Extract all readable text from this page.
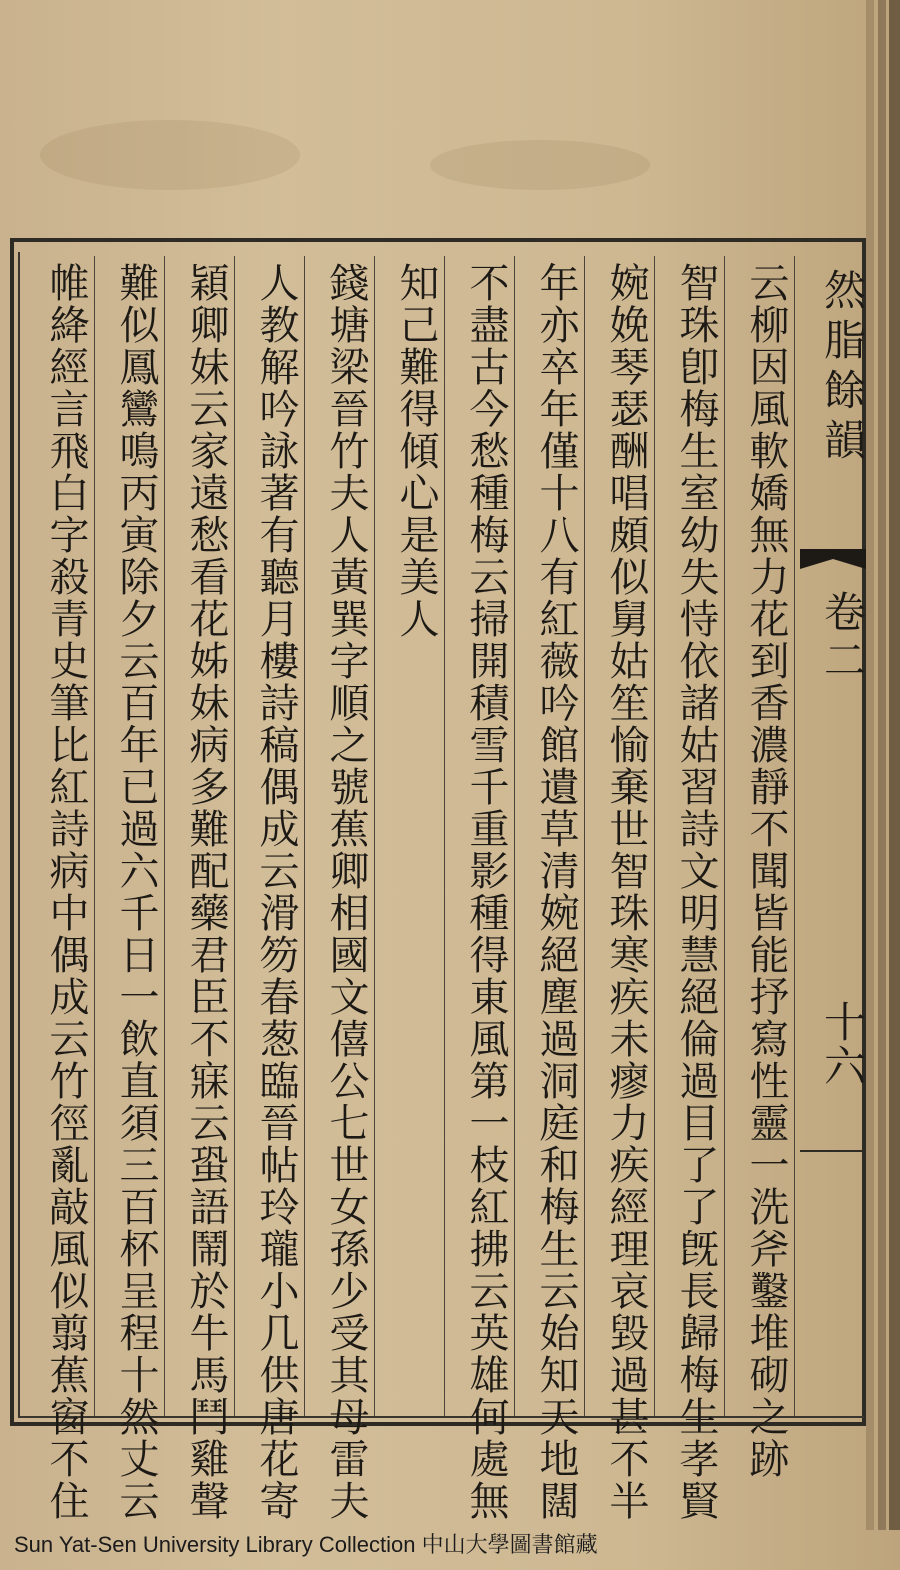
云柳因風軟嬌無力花到香濃靜不聞皆能抒寫性靈一洗斧鑿堆砌之跡
智珠卽梅生室幼失恃依諸姑習詩文明慧絕倫過目了了旣長歸梅生孝賢
婉娩琴瑟酬唱頗似舅姑笙愉棄世智珠寒疾未瘳力疾經理哀毀過甚不半
年亦卒年僅十八有紅薇吟館遺草清婉絕塵過洞庭和梅生云始知天地闊
不盡古今愁種梅云掃開積雪千重影種得東風第一枝紅拂云英雄何處無
知己難得傾心是美人
錢塘梁晉竹夫人黃巽字順之號蕉卿相國文僖公七世女孫少受其母雷夫
人教解吟詠著有聽月樓詩稿偶成云滑笏春葱臨晉帖玲瓏小几供唐花寄
穎卿妹云家遠愁看花姊妹病多難配藥君臣不寐云蛩語鬧於牛馬鬥雞聲
難似鳳鸞鳴丙寅除夕云百年已過六千日一飲直須三百杯呈程十然丈云
帷絳經言飛白字殺青史筆比紅詩病中偶成云竹徑亂敲風似翦蕉窗不住	然脂餘韻
卷二
十六
Sun Yat-Sen University Library Collection 中山大學圖書館藏
